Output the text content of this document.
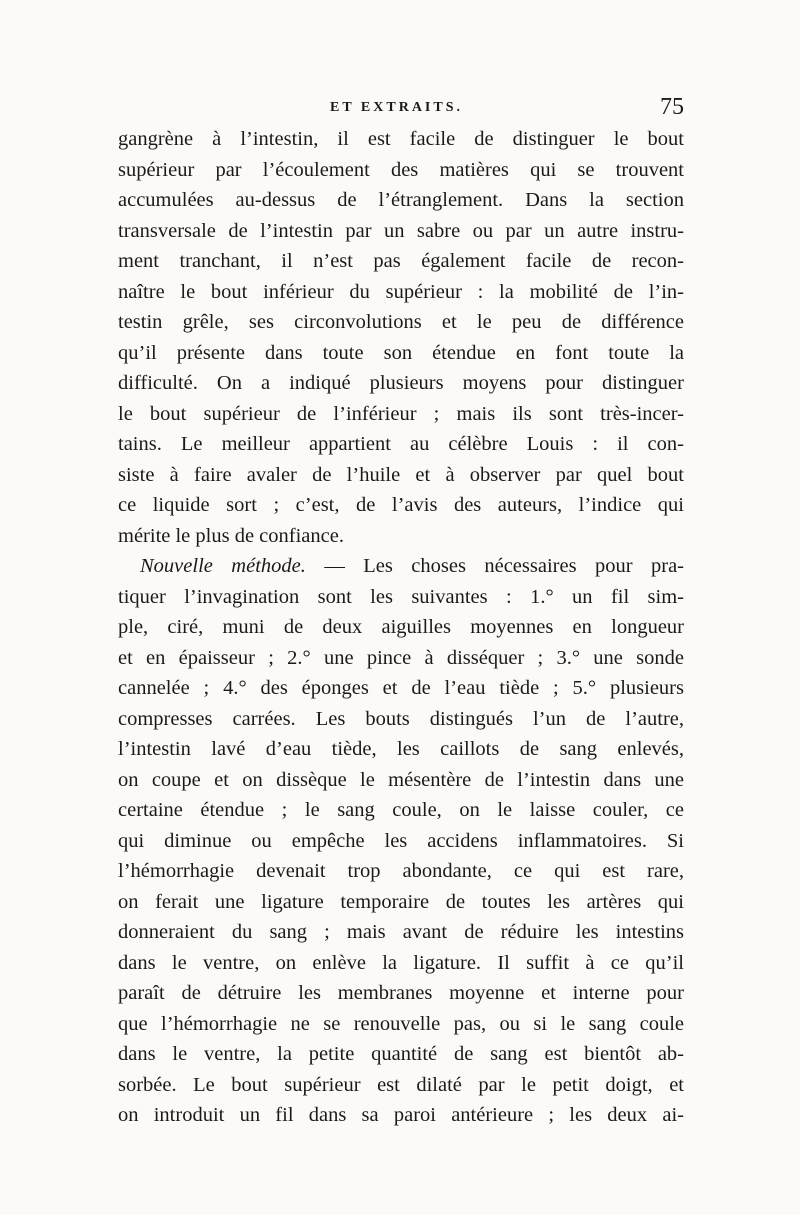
ET EXTRAITS.	75
gangrène à l’intestin, il est facile de distinguer le bout
supérieur par l’écoulement des matières qui se trouvent
accumulées au-dessus de l’étranglement. Dans la section
transversale de l’intestin par un sabre ou par un autre instru-
ment tranchant, il n’est pas également facile de recon-
naître le bout inférieur du supérieur : la mobilité de l’in-
testin grêle, ses circonvolutions et le peu de différence
qu’il présente dans toute son étendue en font toute la
difficulté. On a indiqué plusieurs moyens pour distinguer
le bout supérieur de l’inférieur ; mais ils sont très-incer-
tains. Le meilleur appartient au célèbre Louis : il con-
siste à faire avaler de l’huile et à observer par quel bout
ce liquide sort ; c’est, de l’avis des auteurs, l’indice qui
mérite le plus de confiance.
Nouvelle méthode. — Les choses nécessaires pour pra-
tiquer l’invagination sont les suivantes : 1.° un fil sim-
ple, ciré, muni de deux aiguilles moyennes en longueur
et en épaisseur ; 2.° une pince à disséquer ; 3.° une sonde
cannelée ; 4.° des éponges et de l’eau tiède ; 5.° plusieurs
compresses carrées. Les bouts distingués l’un de l’autre,
l’intestin lavé d’eau tiède, les caillots de sang enlevés,
on coupe et on dissèque le mésentère de l’intestin dans une
certaine étendue ; le sang coule, on le laisse couler, ce
qui diminue ou empêche les accidens inflammatoires. Si
l’hémorrhagie devenait trop abondante, ce qui est rare,
on ferait une ligature temporaire de toutes les artères qui
donneraient du sang ; mais avant de réduire les intestins
dans le ventre, on enlève la ligature. Il suffit à ce qu’il
paraît de détruire les membranes moyenne et interne pour
que l’hémorrhagie ne se renouvelle pas, ou si le sang coule
dans le ventre, la petite quantité de sang est bientôt ab-
sorbée. Le bout supérieur est dilaté par le petit doigt, et
on introduit un fil dans sa paroi antérieure ; les deux ai-
